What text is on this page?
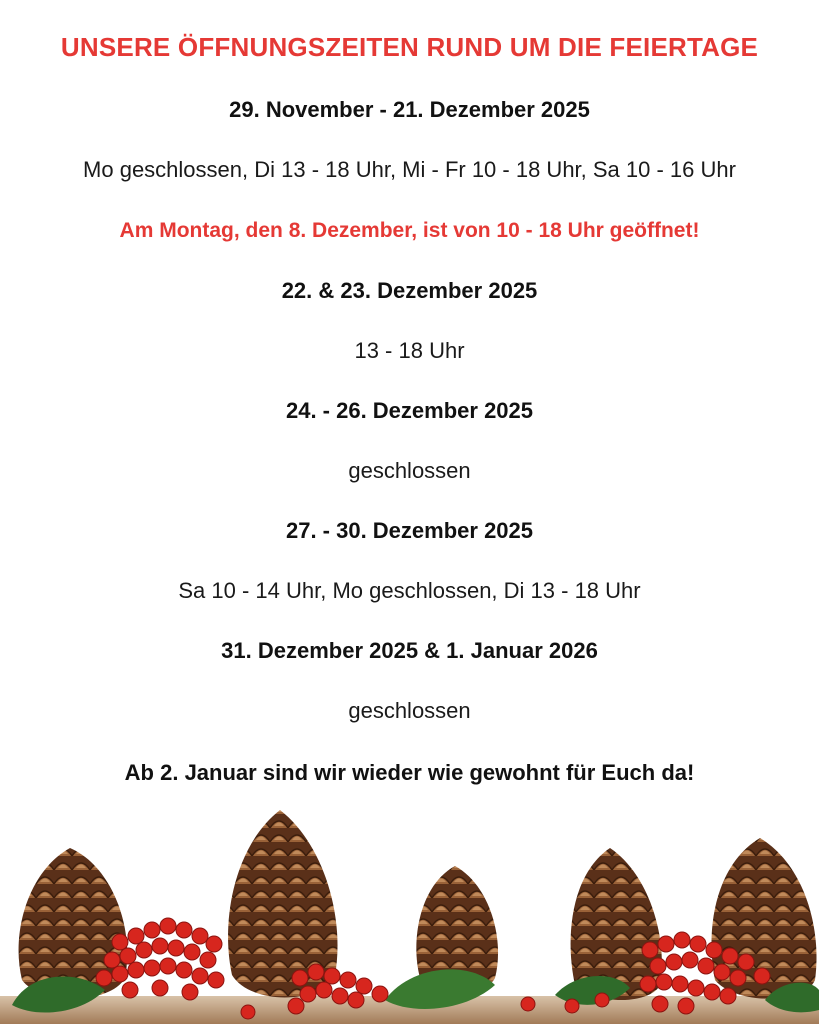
UNSERE ÖFFNUNGSZEITEN RUND UM DIE FEIERTAGE
29. November - 21. Dezember 2025
Mo geschlossen, Di 13 - 18 Uhr, Mi - Fr 10 - 18 Uhr, Sa 10 - 16 Uhr
Am Montag, den 8. Dezember, ist von 10 - 18 Uhr geöffnet!
22. & 23. Dezember 2025
13 - 18 Uhr
24. - 26. Dezember 2025
geschlossen
27. - 30. Dezember 2025
Sa 10 - 14 Uhr, Mo geschlossen, Di 13 - 18 Uhr
31. Dezember 2025 & 1. Januar 2026
geschlossen
Ab 2. Januar sind wir wieder wie gewohnt für Euch da!
